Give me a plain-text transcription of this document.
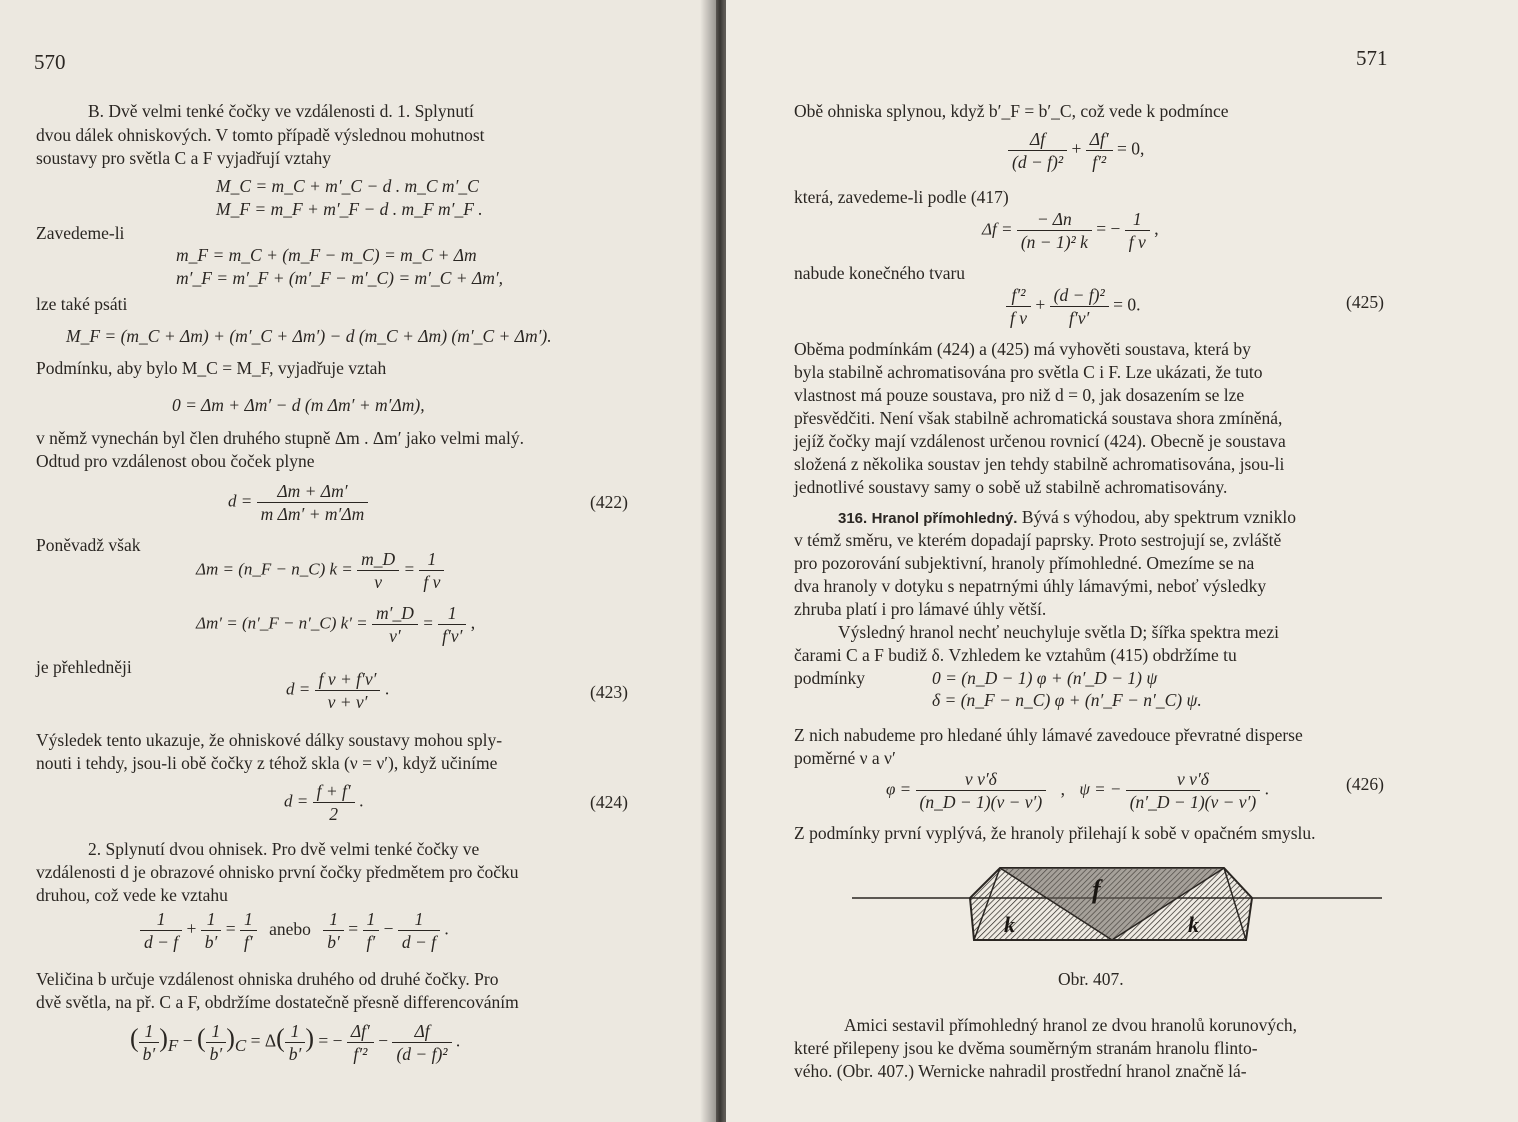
570
B. Dvě velmi tenké čočky ve vzdálenosti d. 1. Splynutí
dvou dálek ohniskových. V tomto případě výslednou mohutnost
soustavy pro světla C a F vyjadřují vztahy
M_C = m_C + m′_C − d . m_C m′_C
M_F = m_F + m′_F − d . m_F m′_F .
Zavedeme-li
m_F = m_C + (m_F − m_C) = m_C + Δm
m′_F = m′_F + (m′_F − m′_C) = m′_C + Δm′,
lze také psáti
M_F = (m_C + Δm) + (m′_C + Δm′) − d (m_C + Δm) (m′_C + Δm′).
Podmínku, aby bylo M_C = M_F, vyjadřuje vztah
0 = Δm + Δm′ − d (m Δm′ + m′Δm),
v němž vynechán byl člen druhého stupně Δm . Δm′ jako velmi malý.
Odtud pro vzdálenost obou čoček plyne
$d = \frac{\Delta m + \Delta m'}{\text{m Δm′ + m′Δm}}$	(422)
Poněvadž však
Δm = (n_F − n_C) $k = \frac{m\_D}{\nu} = \frac{1}{\text{f ν}}$
Δm′ = (n′_F − n′_C) $k' = \frac{m'\_D}{\nu'} = \frac{1}{f'\nu'}$ ,
je přehledněji
$d = \frac{\text{f ν + f′ν′}}{\nu + \nu'}$ .	(423)
Výsledek tento ukazuje, že ohniskové dálky soustavy mohou sply-
nouti i tehdy, jsou-li obě čočky z téhož skla (ν = ν′), když učiníme
$d = \frac{f + f'}{2}$ .	(424)
2. Splynutí dvou ohnisek. Pro dvě velmi tenké čočky ve
vzdálenosti d je obrazové ohnisko první čočky předmětem pro čočku
druhou, což vede ke vztahu
$\frac{1}{d - f} + \frac{1}{b'} = \frac{1}{f'}$ anebo $\frac{1}{b'} = \frac{1}{f'} - \frac{1}{d - f}$ .
Veličina b určuje vzdálenost ohniska druhého od druhé čočky. Pro
dvě světla, na př. C a F, obdržíme dostatečně přesně differencováním
( $\frac{1}{b'} )_F$ − ( $\frac{1}{b'} )_C = \Delta( \frac{1}{b'}$ ) = − $\frac{\Delta f'}{\text{f′²}} - \frac{\Delta f}{\text{(d − f)²}}$ .
571
Obě ohniska splynou, když b′_F = b′_C, což vede k podmínce
$\frac{\Delta f}{\text{(d − f)²}} + \frac{\Delta f'}{\text{f′²}} = 0$,
která, zavedeme-li podle (417)
$\Delta f = \frac{- \Delta n}{\text{(n − 1)² k}}$ = − $\frac{1}{\text{f ν}}$ ,
nabude konečného tvaru
$\frac{\text{f′²}}{\text{f ν}} + \frac{\text{(d − f)²}}{f'\nu'} = 0$.	(425)
Oběma podmínkám (424) a (425) má vyhověti soustava, která by
byla stabilně achromatisována pro světla C i F. Lze ukázati, že tuto
vlastnost má pouze soustava, pro niž d = 0, jak dosazením se lze
přesvědčiti. Není však stabilně achromatická soustava shora zmíněná,
jejíž čočky mají vzdálenost určenou rovnicí (424). Obecně je soustava
složená z několika soustav jen tehdy stabilně achromatisována, jsou-li
jednotlivé soustavy samy o sobě už stabilně achromatisovány.
316. Hranol přímohledný. Bývá s výhodou, aby spektrum vzniklo
v témž směru, ve kterém dopadají paprsky. Proto sestrojují se, zvláště
pro pozorování subjektivní, hranoly přímohledné. Omezíme se na
dva hranoly v dotyku s nepatrnými úhly lámavými, neboť výsledky
zhruba platí i pro lámavé úhly větší.
Výsledný hranol nechť neuchyluje světla D; šířka spektra mezi
čarami C a F budiž δ. Vzhledem ke vztahům (415) obdržíme tu
podmínky	0 = (n_D − 1) φ + (n′_D − 1) ψ
δ = (n_F − n_C) φ + (n′_F − n′_C) ψ.
Z nich nabudeme pro hledané úhly lámavé zavedouce převratné disperse
poměrné ν a ν′
$\varphi = \frac{\text{ν ν′δ}}{(n\_D - 1)(\nu - \nu')}$ , ψ = − $\frac{\text{ν ν′δ}}{(n'\_D - 1)(\nu - \nu')}$ .	(426)
Z podmínky první vyplývá, že hranoly přilehají k sobě v opačném smyslu.
f
k	k
Obr. 407.
Amici sestavil přímohledný hranol ze dvou hranolů korunových,
které přilepeny jsou ke dvěma souměrným stranám hranolu flinto-
vého. (Obr. 407.) Wernicke nahradil prostřední hranol značně lá-
